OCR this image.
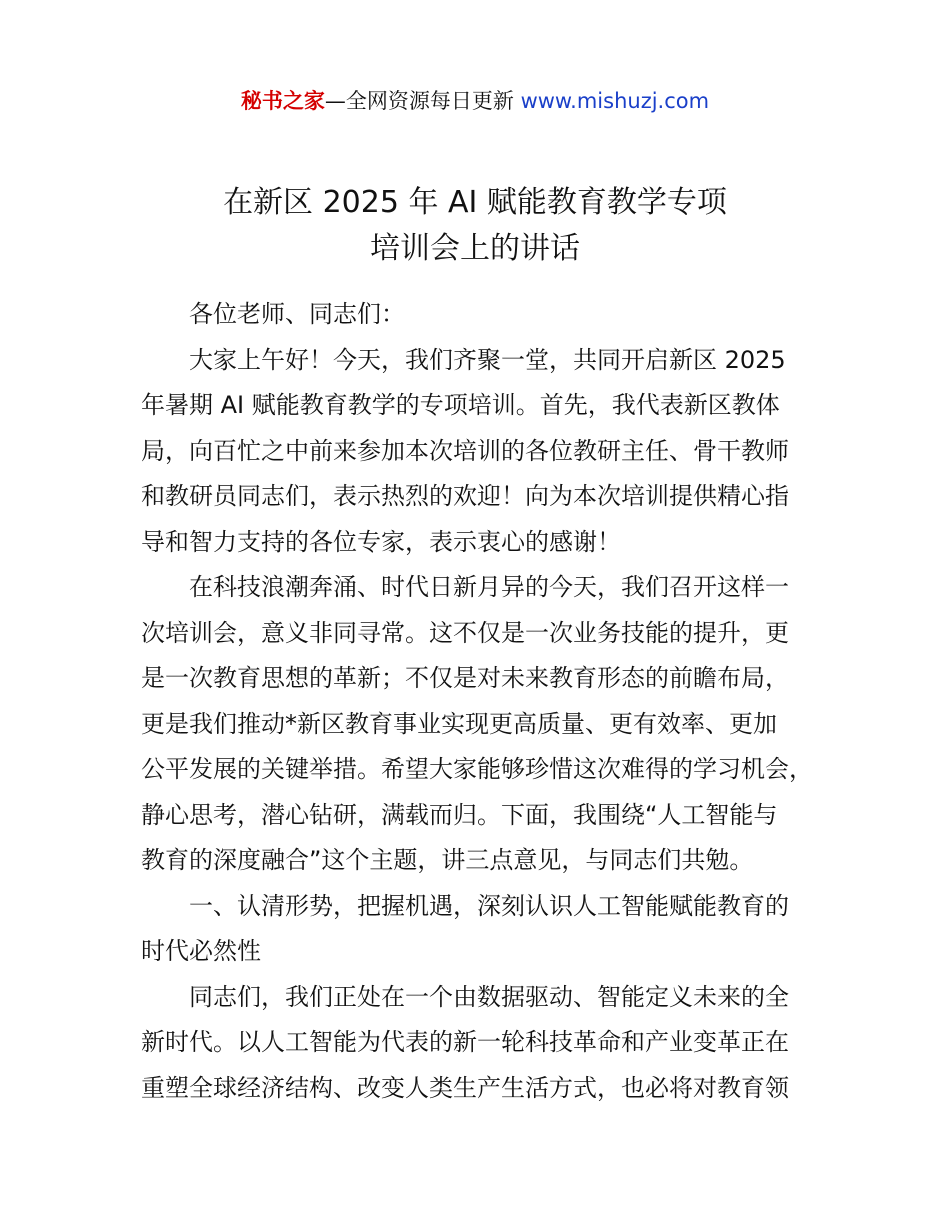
秘书之家—全网资源每日更新 www.mishuzj.com
在新区 2025 年 AI 赋能教育教学专项
培训会上的讲话
各位老师、同志们：
大家上午好！今天，我们齐聚一堂，共同开启新区 2025
年暑期 AI 赋能教育教学的专项培训。首先，我代表新区教体
局，向百忙之中前来参加本次培训的各位教研主任、骨干教师
和教研员同志们，表示热烈的欢迎！向为本次培训提供精心指
导和智力支持的各位专家，表示衷心的感谢！
在科技浪潮奔涌、时代日新月异的今天，我们召开这样一
次培训会，意义非同寻常。这不仅是一次业务技能的提升，更
是一次教育思想的革新；不仅是对未来教育形态的前瞻布局，
更是我们推动*新区教育事业实现更高质量、更有效率、更加
公平发展的关键举措。希望大家能够珍惜这次难得的学习机会，
静心思考，潜心钻研，满载而归。下面，我围绕“人工智能与
教育的深度融合”这个主题，讲三点意见，与同志们共勉。
一、认清形势，把握机遇，深刻认识人工智能赋能教育的
时代必然性
同志们，我们正处在一个由数据驱动、智能定义未来的全
新时代。以人工智能为代表的新一轮科技革命和产业变革正在
重塑全球经济结构、改变人类生产生活方式，也必将对教育领
